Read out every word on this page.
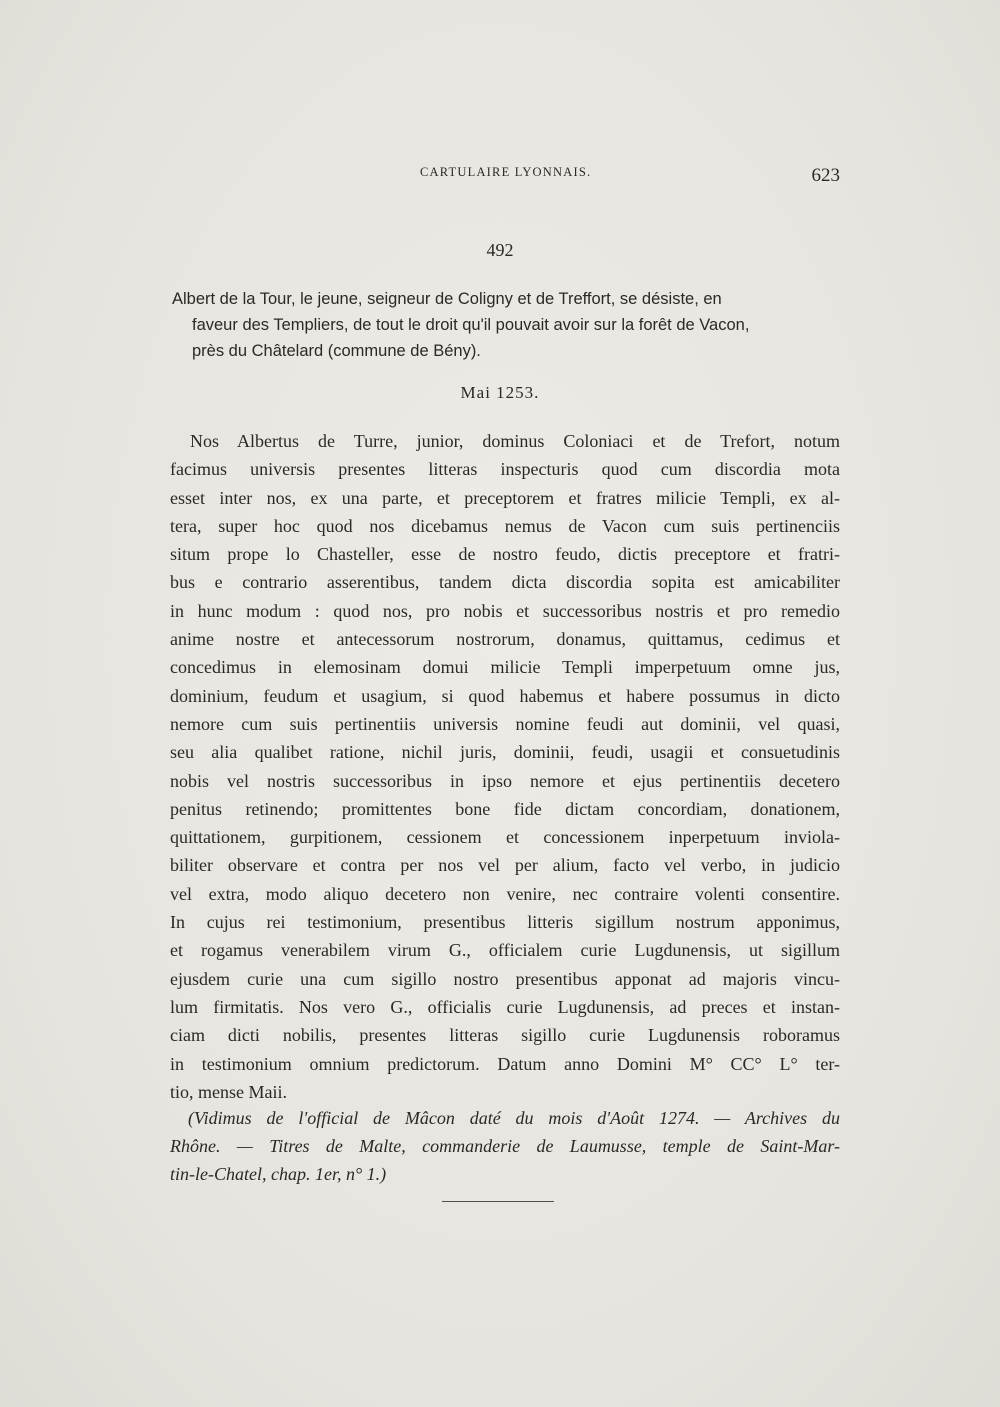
CARTULAIRE LYONNAIS.	623
492
Albert de la Tour, le jeune, seigneur de Coligny et de Treffort, se désiste, en
faveur des Templiers, de tout le droit qu'il pouvait avoir sur la forêt de Vacon,
près du Châtelard (commune de Bény).
Mai 1253.
Nos Albertus de Turre, junior, dominus Coloniaci et de Trefort, notum
facimus universis presentes litteras inspecturis quod cum discordia mota
esset inter nos, ex una parte, et preceptorem et fratres milicie Templi, ex al-
tera, super hoc quod nos dicebamus nemus de Vacon cum suis pertinenciis
situm prope lo Chasteller, esse de nostro feudo, dictis preceptore et fratri-
bus e contrario asserentibus, tandem dicta discordia sopita est amicabiliter
in hunc modum : quod nos, pro nobis et successoribus nostris et pro remedio
anime nostre et antecessorum nostrorum, donamus, quittamus, cedimus et
concedimus in elemosinam domui milicie Templi imperpetuum omne jus,
dominium, feudum et usagium, si quod habemus et habere possumus in dicto
nemore cum suis pertinentiis universis nomine feudi aut dominii, vel quasi,
seu alia qualibet ratione, nichil juris, dominii, feudi, usagii et consuetudinis
nobis vel nostris successoribus in ipso nemore et ejus pertinentiis decetero
penitus retinendo; promittentes bone fide dictam concordiam, donationem,
quittationem, gurpitionem, cessionem et concessionem inperpetuum inviola-
biliter observare et contra per nos vel per alium, facto vel verbo, in judicio
vel extra, modo aliquo decetero non venire, nec contraire volenti consentire.
In cujus rei testimonium, presentibus litteris sigillum nostrum apponimus,
et rogamus venerabilem virum G., officialem curie Lugdunensis, ut sigillum
ejusdem curie una cum sigillo nostro presentibus apponat ad majoris vincu-
lum firmitatis. Nos vero G., officialis curie Lugdunensis, ad preces et instan-
ciam dicti nobilis, presentes litteras sigillo curie Lugdunensis roboramus
in testimonium omnium predictorum. Datum anno Domini M° CC° L° ter-
tio, mense Maii.
(Vidimus de l'official de Mâcon daté du mois d'Août 1274. — Archives du
Rhône. — Titres de Malte, commanderie de Laumusse, temple de Saint-Mar-
tin-le-Chatel, chap. 1er, n° 1.)
